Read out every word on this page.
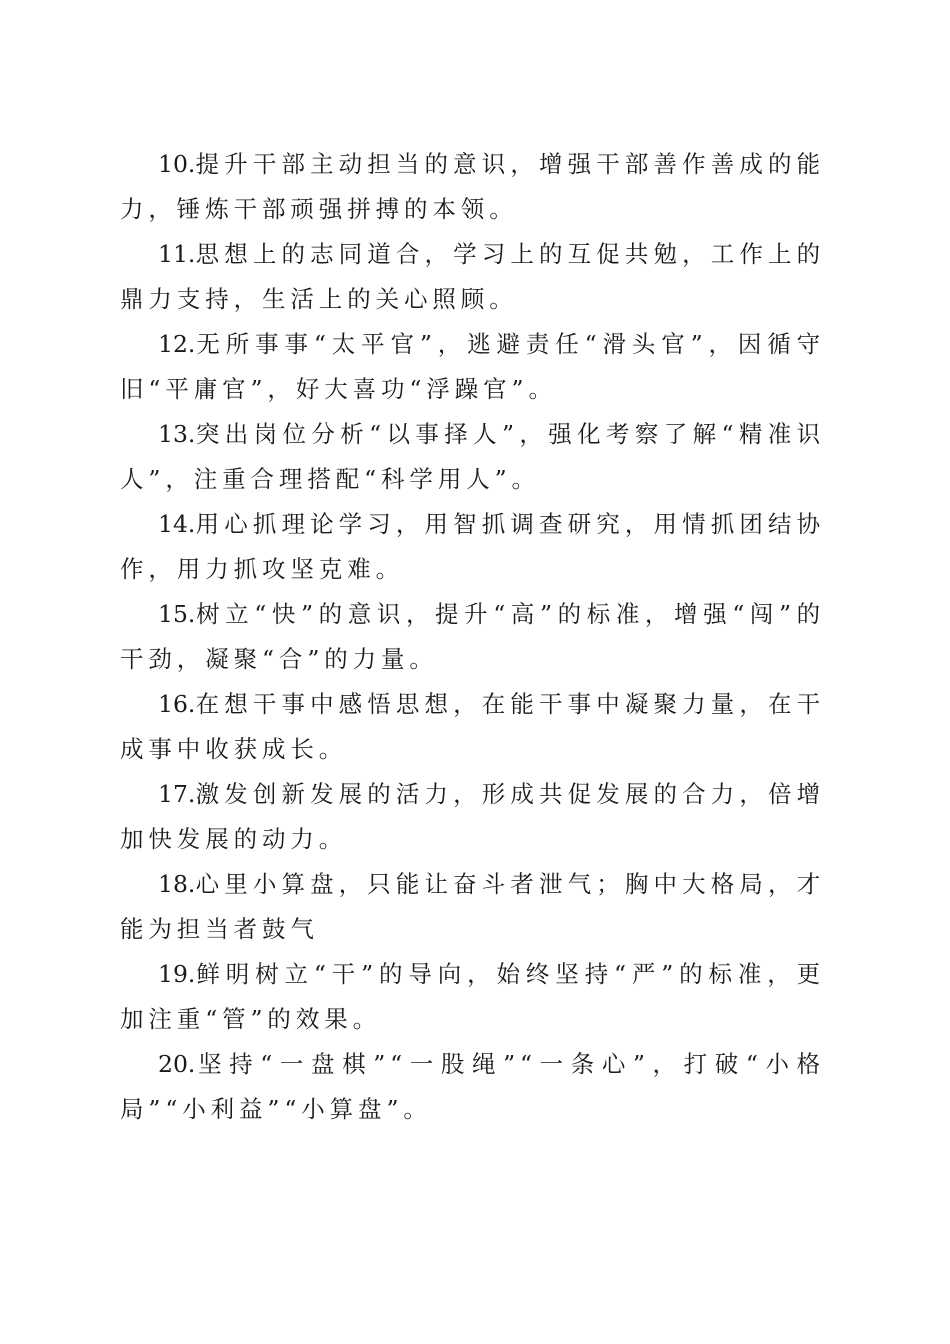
10.提升干部主动担当的意识，增强干部善作善成的能力，锤炼干部顽强拼搏的本领。

11.思想上的志同道合，学习上的互促共勉，工作上的鼎力支持，生活上的关心照顾。

12.无所事事“太平官”，逃避责任“滑头官”，因循守旧“平庸官”，好大喜功“浮躁官”。

13.突出岗位分析“以事择人”，强化考察了解“精准识人”，注重合理搭配“科学用人”。

14.用心抓理论学习，用智抓调查研究，用情抓团结协作，用力抓攻坚克难。

15.树立“快”的意识，提升“高”的标准，增强“闯”的干劲，凝聚“合”的力量。

16.在想干事中感悟思想，在能干事中凝聚力量，在干成事中收获成长。

17.激发创新发展的活力，形成共促发展的合力，倍增加快发展的动力。

18.心里小算盘，只能让奋斗者泄气；胸中大格局，才能为担当者鼓气

19.鲜明树立“干”的导向，始终坚持“严”的标准，更加注重“管”的效果。

20.坚持“一盘棋”“一股绳”“一条心”，打破“小格局”“小利益”“小算盘”。
